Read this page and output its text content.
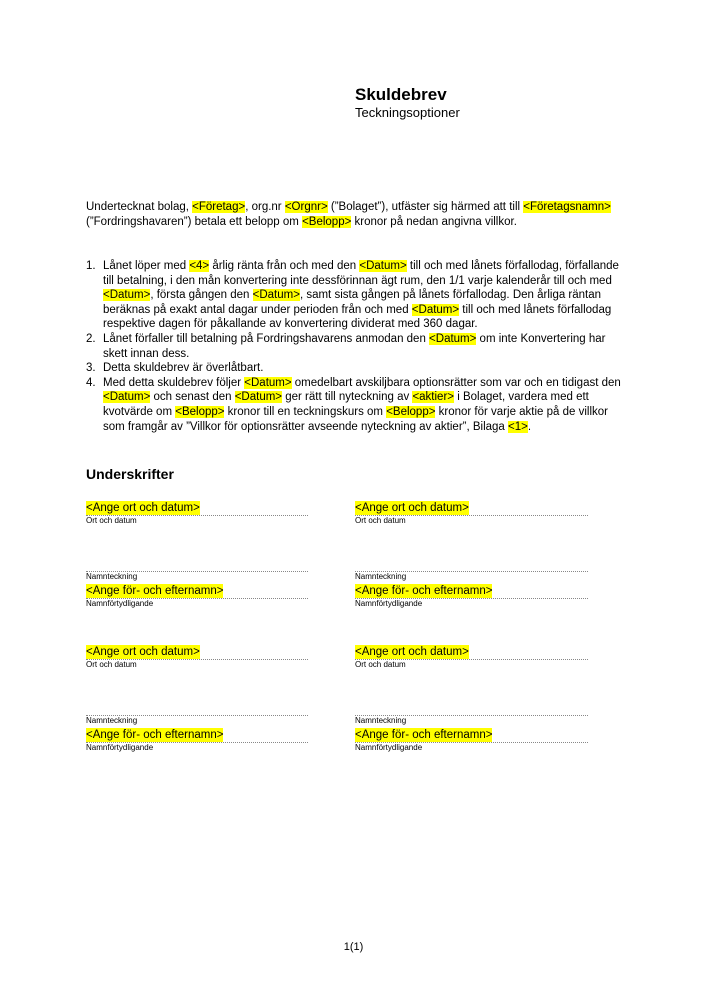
Skuldebrev
Teckningsoptioner
Undertecknat bolag, <Företag>, org.nr <Orgnr> (”Bolaget”), utfäster sig härmed att till <Företagsnamn> (”Fordringshavaren”) betala ett belopp om <Belopp> kronor på nedan angivna villkor.
1. Lånet löper med <4> årlig ränta från och med den <Datum> till och med lånets förfallodag, förfallande till betalning, i den mån konvertering inte dessförinnan ägt rum, den 1/1 varje kalenderår till och med <Datum>, första gången den <Datum>, samt sista gången på lånets förfallodag. Den årliga räntan beräknas på exakt antal dagar under perioden från och med <Datum> till och med lånets förfallodag respektive dagen för påkallande av konvertering dividerat med 360 dagar.
2. Lånet förfaller till betalning på Fordringshavarens anmodan den <Datum> om inte Konvertering har skett innan dess.
3. Detta skuldebrev är överlåtbart.
4. Med detta skuldebrev följer <Datum> omedelbart avskiljbara optionsrätter som var och en tidigast den <Datum> och senast den <Datum> ger rätt till nyteckning av <aktier> i Bolaget, vardera med ett kvotvärde om <Belopp> kronor till en teckningskurs om <Belopp> kronor för varje aktie på de villkor som framgår av ”Villkor för optionsrätter avseende nyteckning av aktier”, Bilaga <1>.
Underskrifter
<Ange ort och datum>
Ort och datum
Namnteckning
<Ange för- och efternamn>
Namnförtydligande
<Ange ort och datum>
Ort och datum
Namnteckning
<Ange för- och efternamn>
Namnförtydligande
<Ange ort och datum>
Ort och datum
Namnteckning
<Ange för- och efternamn>
Namnförtydligande
<Ange ort och datum>
Ort och datum
Namnteckning
<Ange för- och efternamn>
Namnförtydligande
1(1)
